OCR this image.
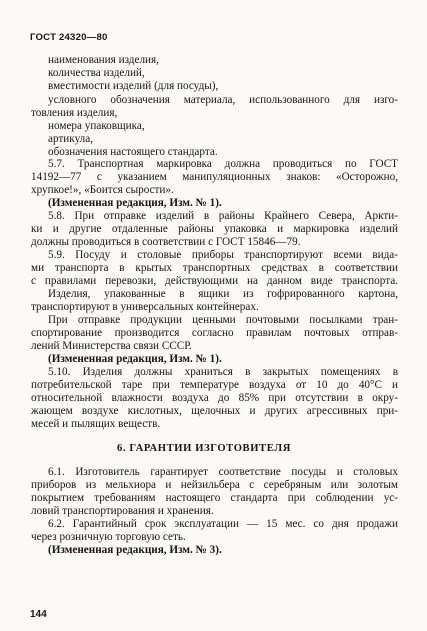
ГОСТ 24320—80
наименования изделия,
количества изделий,
вместимости изделий (для посуды),
условного обозначения материала, использованного для изго-
товления изделия,
номера упаковщика,
артикула,
обозначения настоящего стандарта.
5.7. Транспортная маркировка должна проводиться по ГОСТ
14192—77 с указанием манипуляционных знаков: «Осторожно,
хрупкое!», «Боится сырости».
(Измененная редакция, Изм. № 1).
5.8. При отправке изделий в районы Крайнего Севера, Аркти-
ки и другие отдаленные районы упаковка и маркировка изделий
должны проводиться в соответствии с ГОСТ 15846—79.
5.9. Посуду и столовые приборы транспортируют всеми вида-
ми транспорта в крытых транспортных средствах в соответствии
с правилами перевозки, действующими на данном виде транспорта.
Изделия, упакованные в ящики из гофрированного картона,
транспортируют в универсальных контейнерах.
При отправке продукции ценными почтовыми посылками тран-
спортирование производится согласно правилам почтовых отправ-
лений Министерства связи СССР.
(Измененная редакция, Изм. № 1).
5.10. Изделия должны храниться в закрытых помещениях в
потребительской таре при температуре воздуха от 10 до 40°С и
относительной влажности воздуха до 85% при отсутствии в окру-
жающем воздухе кислотных, щелочных и других агрессивных при-
месей и пылящих веществ.
6. ГАРАНТИИ ИЗГОТОВИТЕЛЯ
6.1. Изготовитель гарантирует соответствие посуды и столовых
приборов из мельхиора и нейзильбера с серебряным или золотым
покрытием требованиям настоящего стандарта при соблюдении ус-
ловий транспортирования и хранения.
6.2. Гарантийный срок эксплуатации — 15 мес. со дня продажи
через розничную торговую сеть.
(Измененная редакция, Изм. № 3).
144
